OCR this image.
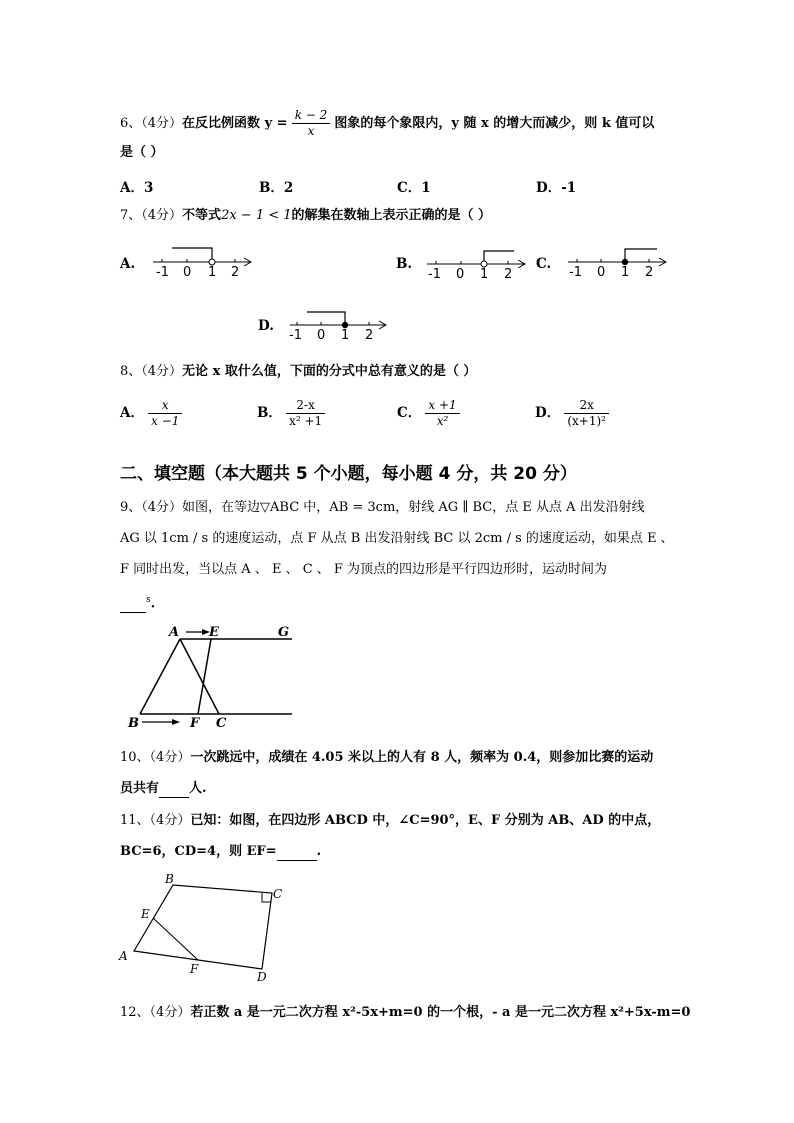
6、（4分）在反比例函数 $y = \frac{k - 2}{x}$ 图象的每个象限内，y 随 x 的增大而减少，则 k 值可以
是（ ）
A．3	B．2	C．1	D．-1
7、（4分）不等式2x − 1 < 1的解集在数轴上表示正确的是（ ）
A.	B.	C.
D.
-1 0 1 2	-1 0 1 2	-1 0 1 2
-1 0 1 2
8、（4分）无论 x 取什么值，下面的分式中总有意义的是（ ）
A． $\frac{x}{x -1}$	B． $\frac{2-x}{\text{x² +1}}$	C． $\frac{x +1}{\text{x²}}$	D． $\frac{2x}{\text{(x+1)²}}$
二、填空题（本大题共 5 个小题，每小题 4 分，共 20 分）
9、（4分）如图，在等边▽ABC 中，AB = 3cm，射线 AG ∥ BC，点 E 从点 A 出发沿射线
AG 以 1cm / s 的速度运动，点 F 从点 B 出发沿射线 BC 以 2cm / s 的速度运动，如果点 E 、
F 同时出发，当以点 A 、 E 、 C 、 F 为顶点的四边形是平行四边形时，运动时间为
$^s$.
A E	G
B	F C
10、（4分）一次跳远中，成绩在 4.05 米以上的人有 8 人，频率为 0.4，则参加比赛的运动
员共有 人.
11、（4分）已知：如图，在四边形 ABCD 中，∠C=90°，E、F 分别为 AB、AD 的中点，
BC=6，CD=4，则 EF=	.
A
B
C
D
E
F
12、（4分）若正数 a 是一元二次方程 x²-5x+m=0 的一个根，- a 是一元二次方程 x²+5x-m=0
